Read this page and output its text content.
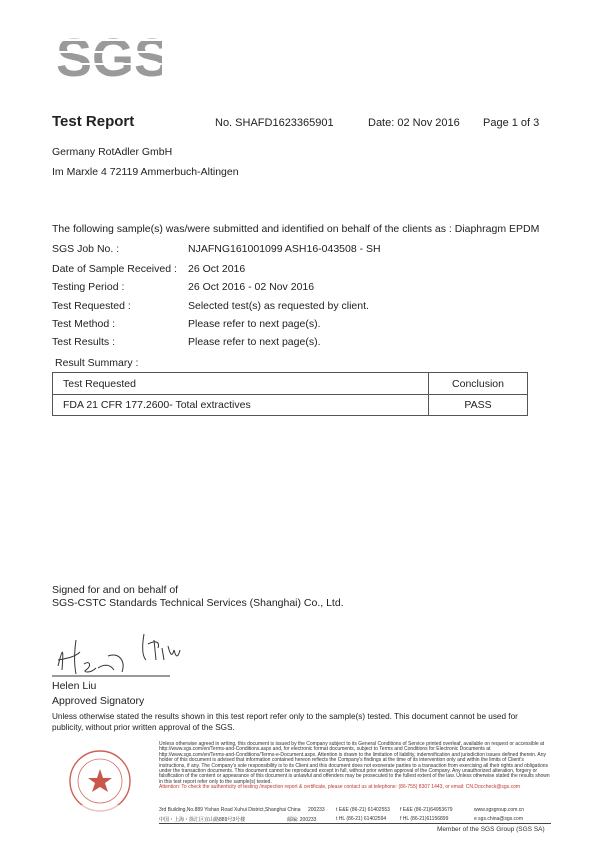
SGS
Test Report	No. SHAFD1623365901	Date: 02 Nov 2016 Page 1 of 3
Germany RotAdler GmbH
Im Marxle 4 72119 Ammerbuch-Altingen
The following sample(s) was/were submitted and identified on behalf of the clients as : Diaphragm EPDM
SGS Job No. :	NJAFNG161001099 ASH16-043508 - SH
Date of Sample Received : 26 Oct 2016
Testing Period :	26 Oct 2016 - 02 Nov 2016
Test Requested :	Selected test(s) as requested by client.
Test Method :	Please refer to next page(s).
Test Results :	Please refer to next page(s).
Result Summary :
Test Requested	Conclusion
FDA 21 CFR 177.2600- Total extractives	PASS
Signed for and on behalf of
SGS-CSTC Standards Technical Services (Shanghai) Co., Ltd.
Helen Liu
Approved Signatory
Unless otherwise stated the results shown in this test report refer only to the sample(s) tested. This document cannot be used for publicity, without prior written approval of the SGS.
Unless otherwise agreed in writing, this document is issued by the Company subject to its General Conditions of Service printed overleaf, available on request or accessible at http://www.sgs.com/en/Terms-and-Conditions.aspx and, for electronic format documents, subject to Terms and Conditions for Electronic Documents at http://www.sgs.com/en/Terms-and-Conditions/Terms-e-Document.aspx. Attention is drawn to the limitation of liability, indemnification and jurisdiction issues defined therein. Any holder of this document is advised that information contained hereon reflects the Company's findings at the time of its intervention only and within the limits of Client's instructions, if any. The Company's sole responsibility is to its Client and this document does not exonerate parties to a transaction from exercising all their rights and obligations under the transaction documents. This document cannot be reproduced except in full, without prior written approval of the Company. Any unauthorized alteration, forgery or falsification of the content or appearance of this document is unlawful and offenders may be prosecuted to the fullest extent of the law. Unless otherwise stated the results shown in this test report refer only to the sample(s) tested.
Attention: To check the authenticity of testing /inspection report & certificate, please contact us at telephone: (86-755) 8307 1443, or email: CN.Doccheck@sgs.com
3rd Building,No.889 Yishan Road Xuhui District,Shanghai China 200233 t E&E (86-21) 61402553 f E&E (86-21)64953679	www.sgsgroup.com.cn
中国・上海・徐汇区宜山路889号3号楼	邮编: 200233	t HL (86-21) 61402594	f HL (86-21)61156899	e sgs.china@sgs.com
Member of the SGS Group (SGS SA)
